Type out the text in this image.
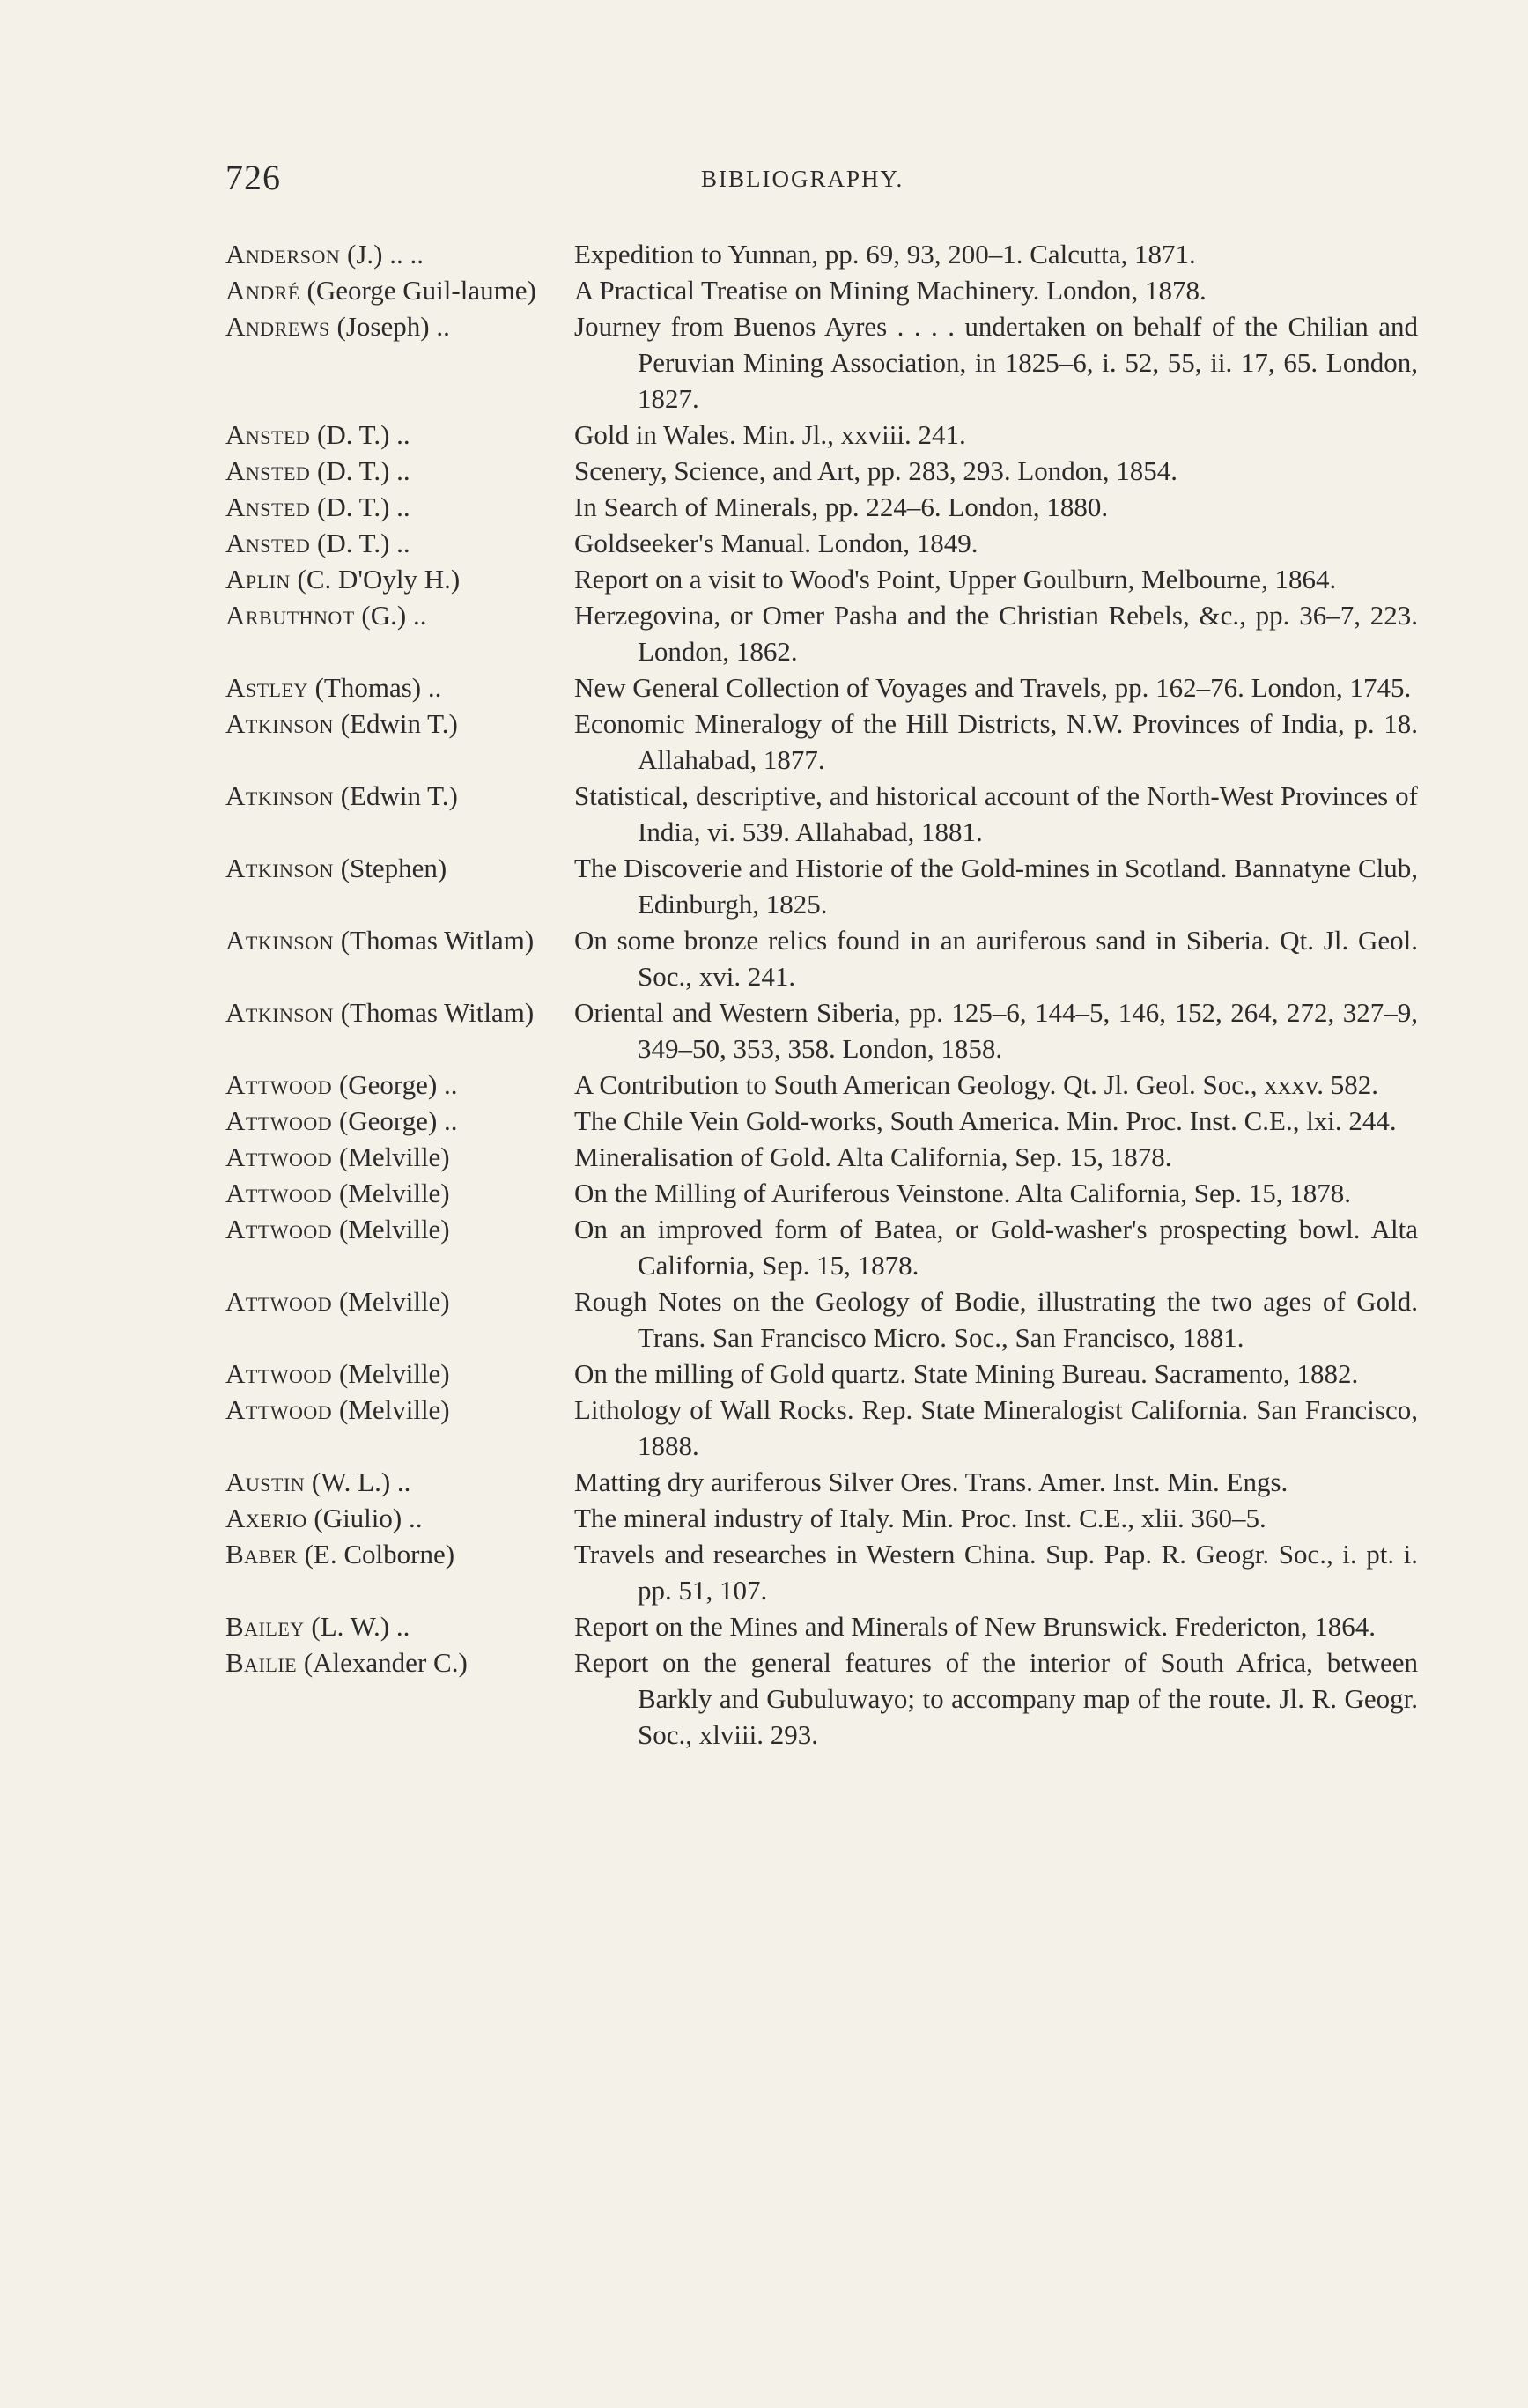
726	BIBLIOGRAPHY.
Anderson (J.) .. ..	Expedition to Yunnan, pp. 69, 93, 200–1. Calcutta, 1871.
André (George Guil-laume)	A Practical Treatise on Mining Machinery. London, 1878.
Andrews (Joseph) ..	Journey from Buenos Ayres . . . . undertaken on behalf of the Chilian and Peruvian Mining Association, in 1825–6, i. 52, 55, ii. 17, 65. London, 1827.
Ansted (D. T.) ..	Gold in Wales. Min. Jl., xxviii. 241.
Ansted (D. T.) ..	Scenery, Science, and Art, pp. 283, 293. London, 1854.
Ansted (D. T.) ..	In Search of Minerals, pp. 224–6. London, 1880.
Ansted (D. T.) ..	Goldseeker's Manual. London, 1849.
Aplin (C. D'Oyly H.)	Report on a visit to Wood's Point, Upper Goulburn, Melbourne, 1864.
Arbuthnot (G.) ..	Herzegovina, or Omer Pasha and the Christian Rebels, &c., pp. 36–7, 223. London, 1862.
Astley (Thomas) ..	New General Collection of Voyages and Travels, pp. 162–76. London, 1745.
Atkinson (Edwin T.)	Economic Mineralogy of the Hill Districts, N.W. Provinces of India, p. 18. Allahabad, 1877.
Atkinson (Edwin T.)	Statistical, descriptive, and historical account of the North-West Provinces of India, vi. 539. Allahabad, 1881.
Atkinson (Stephen)	The Discoverie and Historie of the Gold-mines in Scotland. Bannatyne Club, Edinburgh, 1825.
Atkinson (Thomas Witlam)	On some bronze relics found in an auriferous sand in Siberia. Qt. Jl. Geol. Soc., xvi. 241.
Atkinson (Thomas Witlam)	Oriental and Western Siberia, pp. 125–6, 144–5, 146, 152, 264, 272, 327–9, 349–50, 353, 358. London, 1858.
Attwood (George) ..	A Contribution to South American Geology. Qt. Jl. Geol. Soc., xxxv. 582.
Attwood (George) ..	The Chile Vein Gold-works, South America. Min. Proc. Inst. C.E., lxi. 244.
Attwood (Melville)	Mineralisation of Gold. Alta California, Sep. 15, 1878.
Attwood (Melville)	On the Milling of Auriferous Veinstone. Alta California, Sep. 15, 1878.
Attwood (Melville)	On an improved form of Batea, or Gold-washer's prospecting bowl. Alta California, Sep. 15, 1878.
Attwood (Melville)	Rough Notes on the Geology of Bodie, illustrating the two ages of Gold. Trans. San Francisco Micro. Soc., San Francisco, 1881.
Attwood (Melville)	On the milling of Gold quartz. State Mining Bureau. Sacramento, 1882.
Attwood (Melville)	Lithology of Wall Rocks. Rep. State Mineralogist California. San Francisco, 1888.
Austin (W. L.) ..	Matting dry auriferous Silver Ores. Trans. Amer. Inst. Min. Engs.
Axerio (Giulio) ..	The mineral industry of Italy. Min. Proc. Inst. C.E., xlii. 360–5.
Baber (E. Colborne)	Travels and researches in Western China. Sup. Pap. R. Geogr. Soc., i. pt. i. pp. 51, 107.
Bailey (L. W.) ..	Report on the Mines and Minerals of New Brunswick. Fredericton, 1864.
Bailie (Alexander C.)	Report on the general features of the interior of South Africa, between Barkly and Gubuluwayo; to accompany map of the route. Jl. R. Geogr. Soc., xlviii. 293.
